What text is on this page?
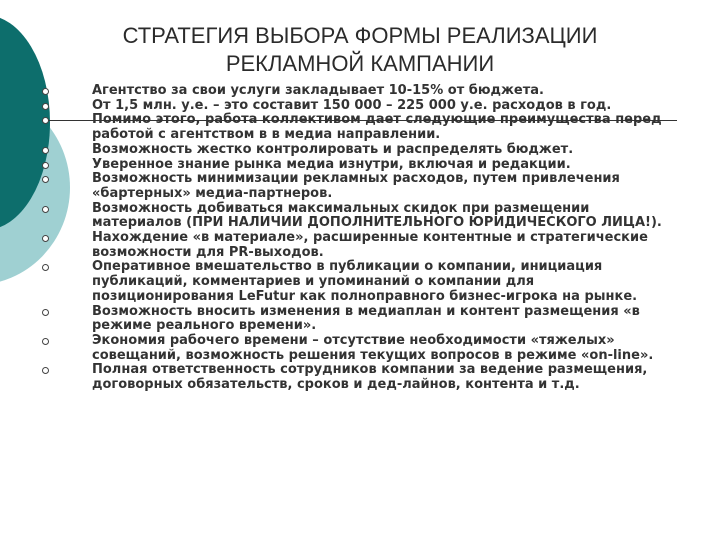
СТРАТЕГИЯ ВЫБОРА ФОРМЫ РЕАЛИЗАЦИИ
РЕКЛАМНОЙ КАМПАНИИ
Агентство за свои услуги закладывает 10-15% от бюджета.
От 1,5 млн. у.е. – это составит 150 000 – 225 000 у.е. расходов в год.
Помимо этого, работа коллективом дает следующие преимущества перед работой с агентством в в медиа направлении.
Возможность жестко контролировать и распределять бюджет.
Уверенное знание рынка медиа изнутри, включая и редакции.
Возможность минимизации рекламных расходов, путем привлечения «бартерных» медиа-партнеров.
Возможность добиваться максимальных скидок при размещении материалов (ПРИ НАЛИЧИИ ДОПОЛНИТЕЛЬНОГО ЮРИДИЧЕСКОГО ЛИЦА!).
Нахождение «в материале», расширенные контентные и стратегические возможности для PR-выходов.
Оперативное вмешательство в публикации о компании, инициация публикаций, комментариев и упоминаний о компании для позиционирования LeFutur как полноправного бизнес-игрока на рынке.
Возможность вносить изменения в медиаплан и контент размещения «в режиме реального времени».
Экономия рабочего времени – отсутствие необходимости «тяжелых» совещаний, возможность решения текущих вопросов в режиме «on-line».
Полная ответственность сотрудников компании за ведение размещения, договорных обязательств, сроков и дед-лайнов, контента и т.д.
